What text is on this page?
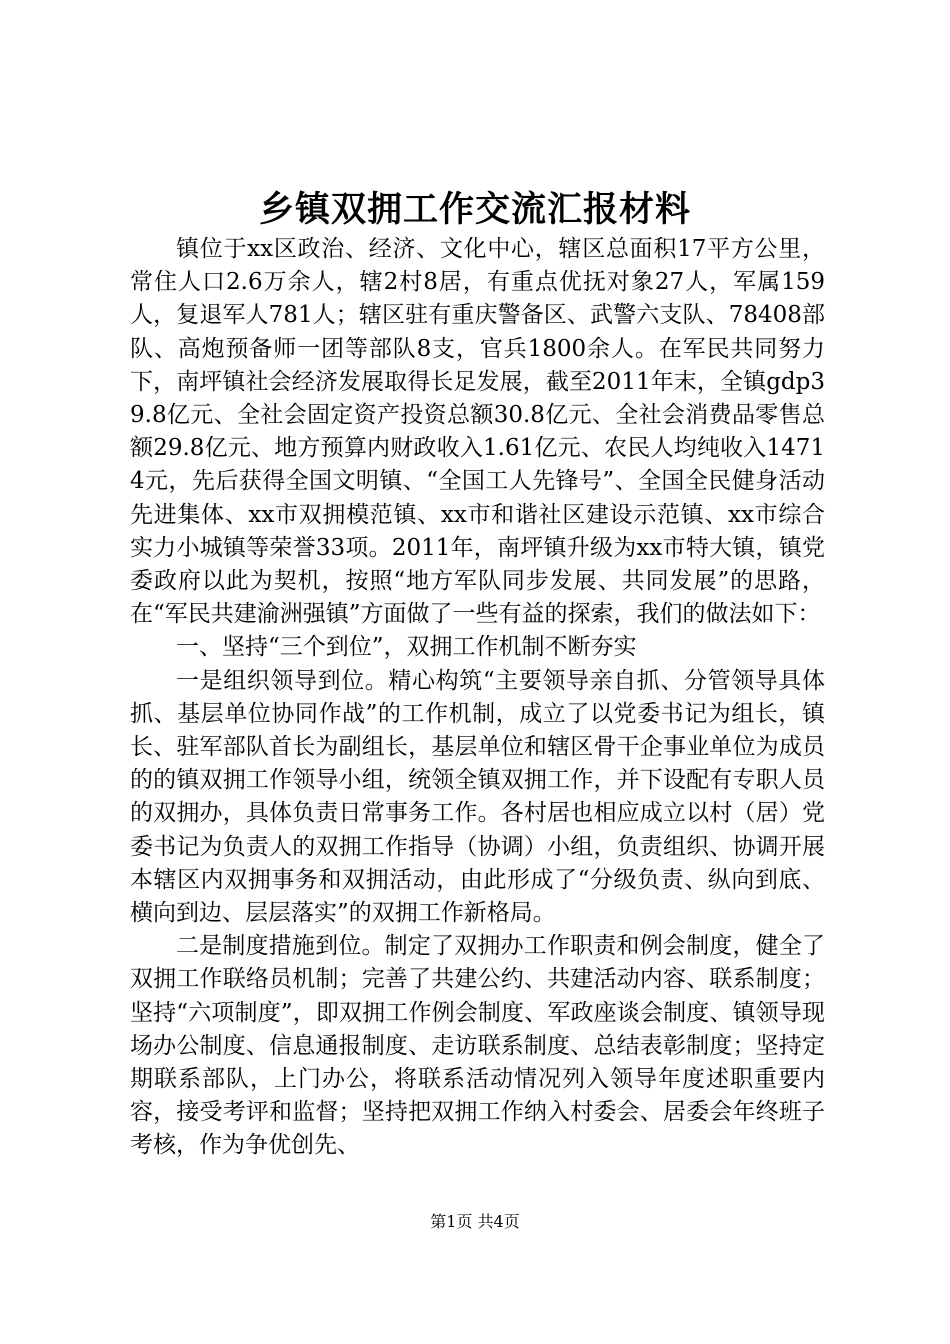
乡镇双拥工作交流汇报材料

镇位于xx区政治、经济、文化中心，辖区总面积17平方公里，常住人口2.6万余人，辖2村8居，有重点优抚对象27人，军属159人，复退军人781人；辖区驻有重庆警备区、武警六支队、78408部队、高炮预备师一团等部队8支，官兵1800余人。在军民共同努力下，南坪镇社会经济发展取得长足发展，截至2011年末，全镇gdp39.8亿元、全社会固定资产投资总额30.8亿元、全社会消费品零售总额29.8亿元、地方预算内财政收入1.61亿元、农民人均纯收入14714元，先后获得全国文明镇、“全国工人先锋号”、全国全民健身活动先进集体、xx市双拥模范镇、xx市和谐社区建设示范镇、xx市综合实力小城镇等荣誉33项。2011年，南坪镇升级为xx市特大镇，镇党委政府以此为契机，按照“地方军队同步发展、共同发展”的思路，在“军民共建渝洲强镇”方面做了一些有益的探索，我们的做法如下：

一、坚持“三个到位”，双拥工作机制不断夯实

一是组织领导到位。精心构筑“主要领导亲自抓、分管领导具体抓、基层单位协同作战”的工作机制，成立了以党委书记为组长，镇长、驻军部队首长为副组长，基层单位和辖区骨干企事业单位为成员的的镇双拥工作领导小组，统领全镇双拥工作，并下设配有专职人员的双拥办，具体负责日常事务工作。各村居也相应成立以村（居）党委书记为负责人的双拥工作指导（协调）小组，负责组织、协调开展本辖区内双拥事务和双拥活动，由此形成了“分级负责、纵向到底、横向到边、层层落实”的双拥工作新格局。

二是制度措施到位。制定了双拥办工作职责和例会制度，健全了双拥工作联络员机制；完善了共建公约、共建活动内容、联系制度；坚持“六项制度”，即双拥工作例会制度、军政座谈会制度、镇领导现场办公制度、信息通报制度、走访联系制度、总结表彰制度；坚持定期联系部队，上门办公，将联系活动情况列入领导年度述职重要内容，接受考评和监督；坚持把双拥工作纳入村委会、居委会年终班子考核，作为争优创先、

第1页 共4页
